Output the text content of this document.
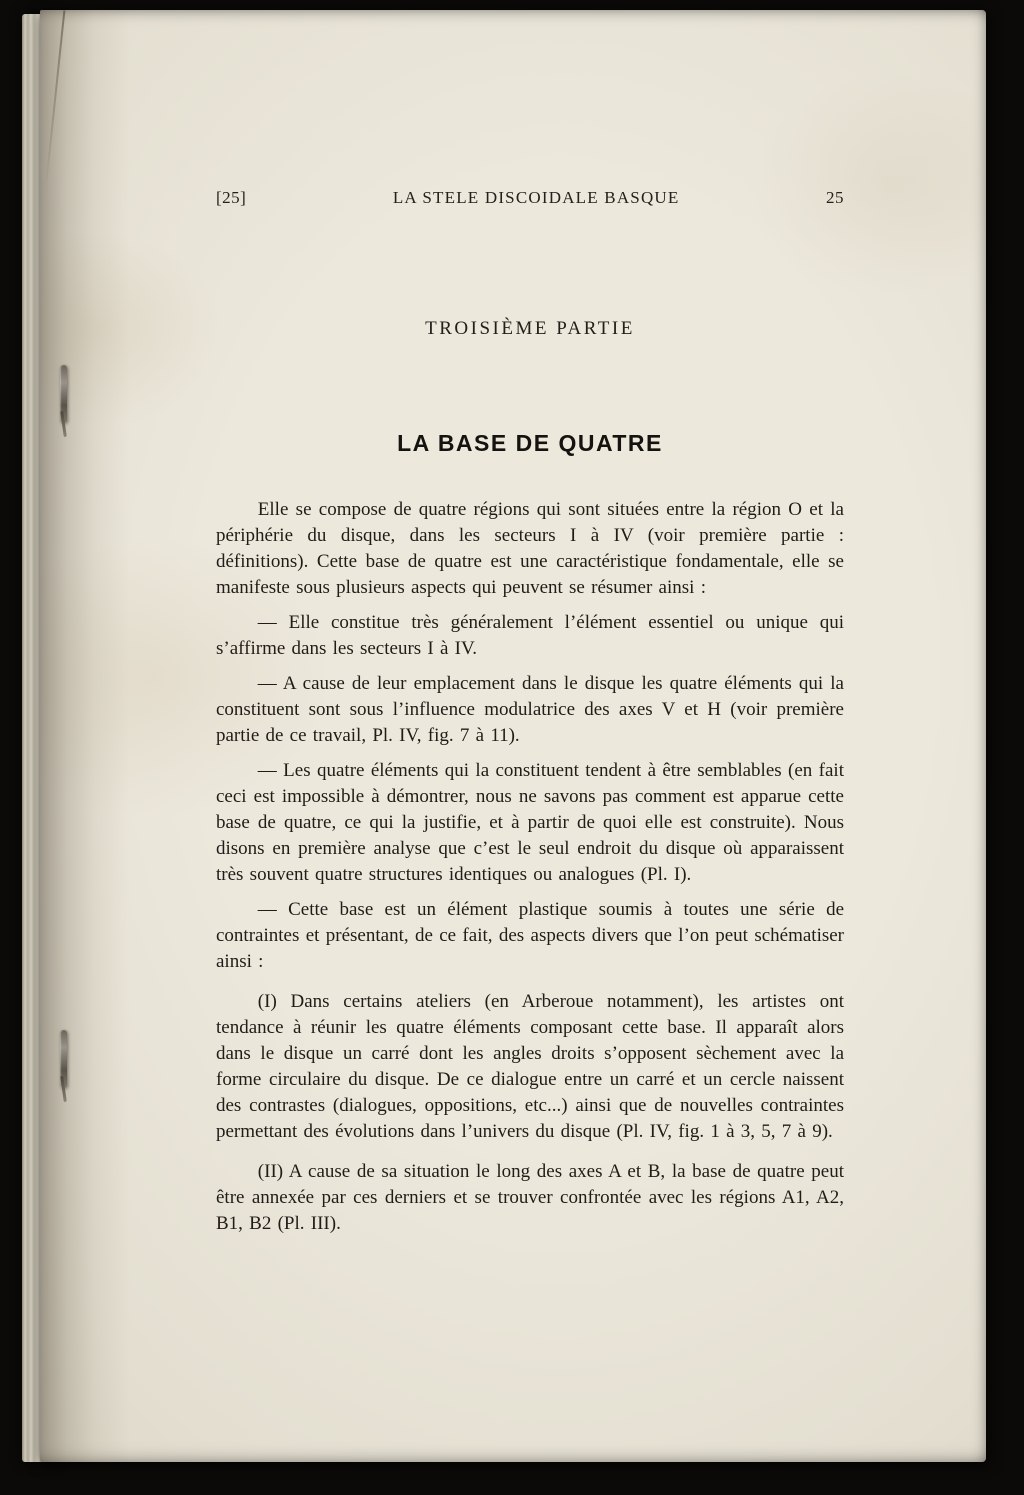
[25]	LA STELE DISCOIDALE BASQUE	25
TROISIÈME PARTIE
LA BASE DE QUATRE

Elle se compose de quatre régions qui sont situées entre la région O et la périphérie du disque, dans les secteurs I à IV (voir première partie : définitions). Cette base de quatre est une caractéristique fondamentale, elle se manifeste sous plusieurs aspects qui peuvent se résumer ainsi :

— Elle constitue très généralement l’élément essentiel ou unique qui s’affirme dans les secteurs I à IV.

— A cause de leur emplacement dans le disque les quatre éléments qui la constituent sont sous l’influence modulatrice des axes V et H (voir première partie de ce travail, Pl. IV, fig. 7 à 11).

— Les quatre éléments qui la constituent tendent à être semblables (en fait ceci est impossible à démontrer, nous ne savons pas comment est apparue cette base de quatre, ce qui la justifie, et à partir de quoi elle est construite). Nous disons en première analyse que c’est le seul endroit du disque où apparaissent très souvent quatre structures identiques ou analogues (Pl. I).

— Cette base est un élément plastique soumis à toutes une série de contraintes et présentant, de ce fait, des aspects divers que l’on peut schématiser ainsi :

(I) Dans certains ateliers (en Arberoue notamment), les artistes ont tendance à réunir les quatre éléments composant cette base. Il apparaît alors dans le disque un carré dont les angles droits s’opposent sèchement avec la forme circulaire du disque. De ce dialogue entre un carré et un cercle naissent des contrastes (dialogues, oppositions, etc...) ainsi que de nouvelles contraintes permettant des évolutions dans l’univers du disque (Pl. IV, fig. 1 à 3, 5, 7 à 9).

(II) A cause de sa situation le long des axes A et B, la base de quatre peut être annexée par ces derniers et se trouver confrontée avec les régions A1, A2, B1, B2 (Pl. III).
